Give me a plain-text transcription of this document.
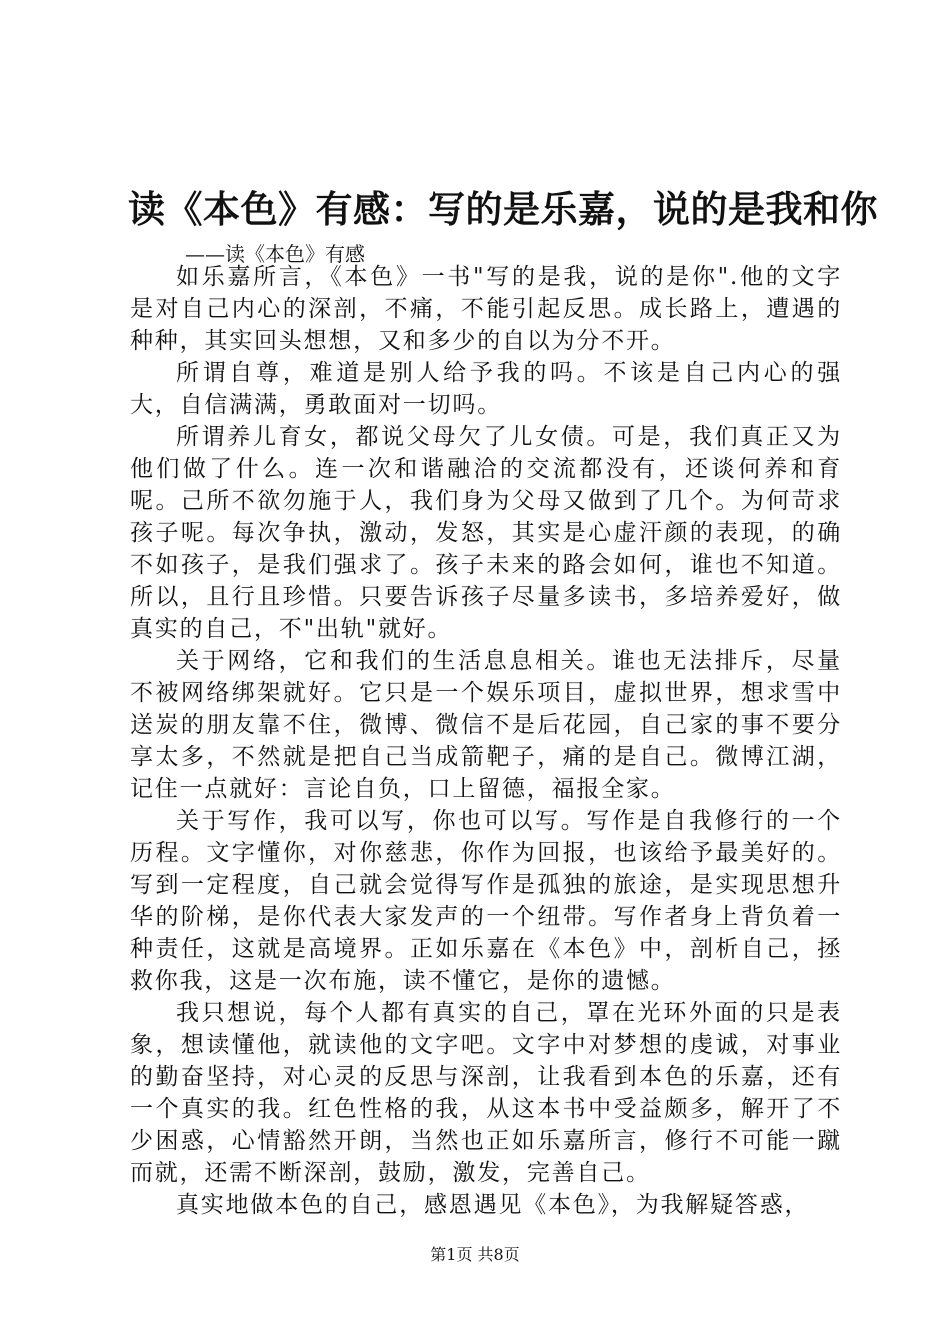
读《本色》有感：写的是乐嘉，说的是我和你

——读《本色》有感

如乐嘉所言，《本色》一书"写的是我，说的是你".他的文字是对自己内心的深剖，不痛，不能引起反思。成长路上，遭遇的种种，其实回头想想，又和多少的自以为分不开。

所谓自尊，难道是别人给予我的吗。不该是自己内心的强大，自信满满，勇敢面对一切吗。

所谓养儿育女，都说父母欠了儿女债。可是，我们真正又为他们做了什么。连一次和谐融洽的交流都没有，还谈何养和育呢。己所不欲勿施于人，我们身为父母又做到了几个。为何苛求孩子呢。每次争执，激动，发怒，其实是心虚汗颜的表现，的确不如孩子，是我们强求了。孩子未来的路会如何，谁也不知道。所以，且行且珍惜。只要告诉孩子尽量多读书，多培养爱好，做真实的自己，不"出轨"就好。

关于网络，它和我们的生活息息相关。谁也无法排斥，尽量不被网络绑架就好。它只是一个娱乐项目，虚拟世界，想求雪中送炭的朋友靠不住，微博、微信不是后花园，自己家的事不要分享太多，不然就是把自己当成箭靶子，痛的是自己。微博江湖，记住一点就好：言论自负，口上留德，福报全家。

关于写作，我可以写，你也可以写。写作是自我修行的一个历程。文字懂你，对你慈悲，你作为回报，也该给予最美好的。写到一定程度，自己就会觉得写作是孤独的旅途，是实现思想升华的阶梯，是你代表大家发声的一个纽带。写作者身上背负着一种责任，这就是高境界。正如乐嘉在《本色》中，剖析自己，拯救你我，这是一次布施，读不懂它，是你的遗憾。

我只想说，每个人都有真实的自己，罩在光环外面的只是表象，想读懂他，就读他的文字吧。文字中对梦想的虔诚，对事业的勤奋坚持，对心灵的反思与深剖，让我看到本色的乐嘉，还有一个真实的我。红色性格的我，从这本书中受益颇多，解开了不少困惑，心情豁然开朗，当然也正如乐嘉所言，修行不可能一蹴而就，还需不断深剖，鼓励，激发，完善自己。

真实地做本色的自己，感恩遇见《本色》，为我解疑答惑，

第1页 共8页
